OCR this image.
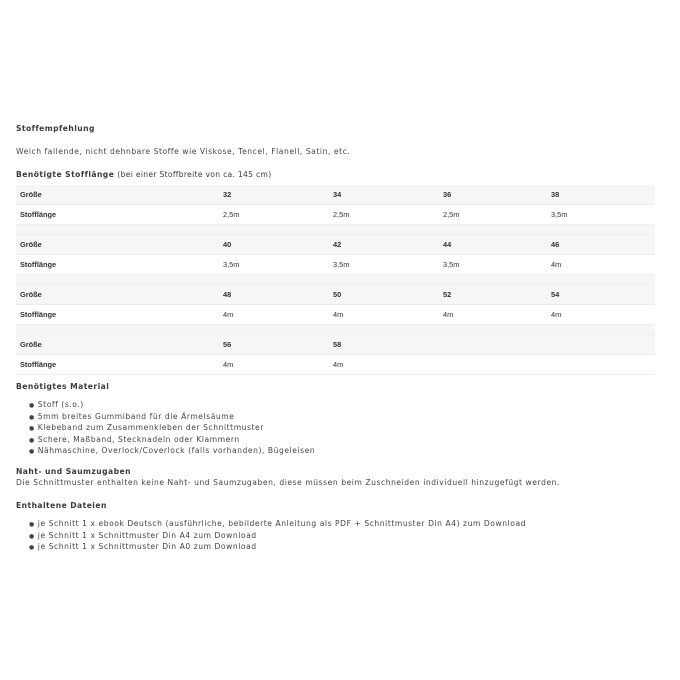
Stoffempfehlung
Weich fallende, nicht dehnbare Stoffe wie Viskose, Tencel, Flanell, Satin, etc.
Benötigte Stofflänge (bei einer Stoffbreite von ca. 145 cm)
Größe	32	34	36	38
Stofflänge	2,5m	2,5m	2,5m	3,5m

Größe	40	42	44	46
Stofflänge	3,5m	3,5m	3,5m	4m

Größe	48	50	52	54
Stofflänge	4m	4m	4m	4m

Größe	56	58		
Stofflänge	4m	4m		
Benötigtes Material
● Stoff (s.o.)
● 5mm breites Gummiband für die Ärmelsäume
● Klebeband zum Zusammenkleben der Schnittmuster
● Schere, Maßband, Stecknadeln oder Klammern
● Nähmaschine, Overlock/Coverlock (falls vorhanden), Bügeleisen
Naht- und Saumzugaben
Die Schnittmuster enthalten keine Naht- und Saumzugaben, diese müssen beim Zuschneiden individuell hinzugefügt werden.
Enthaltene Dateien
● je Schnitt 1 x ebook Deutsch (ausführliche, bebilderte Anleitung als PDF + Schnittmuster Din A4) zum Download
● je Schnitt 1 x Schnittmuster Din A4 zum Download
● je Schnitt 1 x Schnittmuster Din A0 zum Download
